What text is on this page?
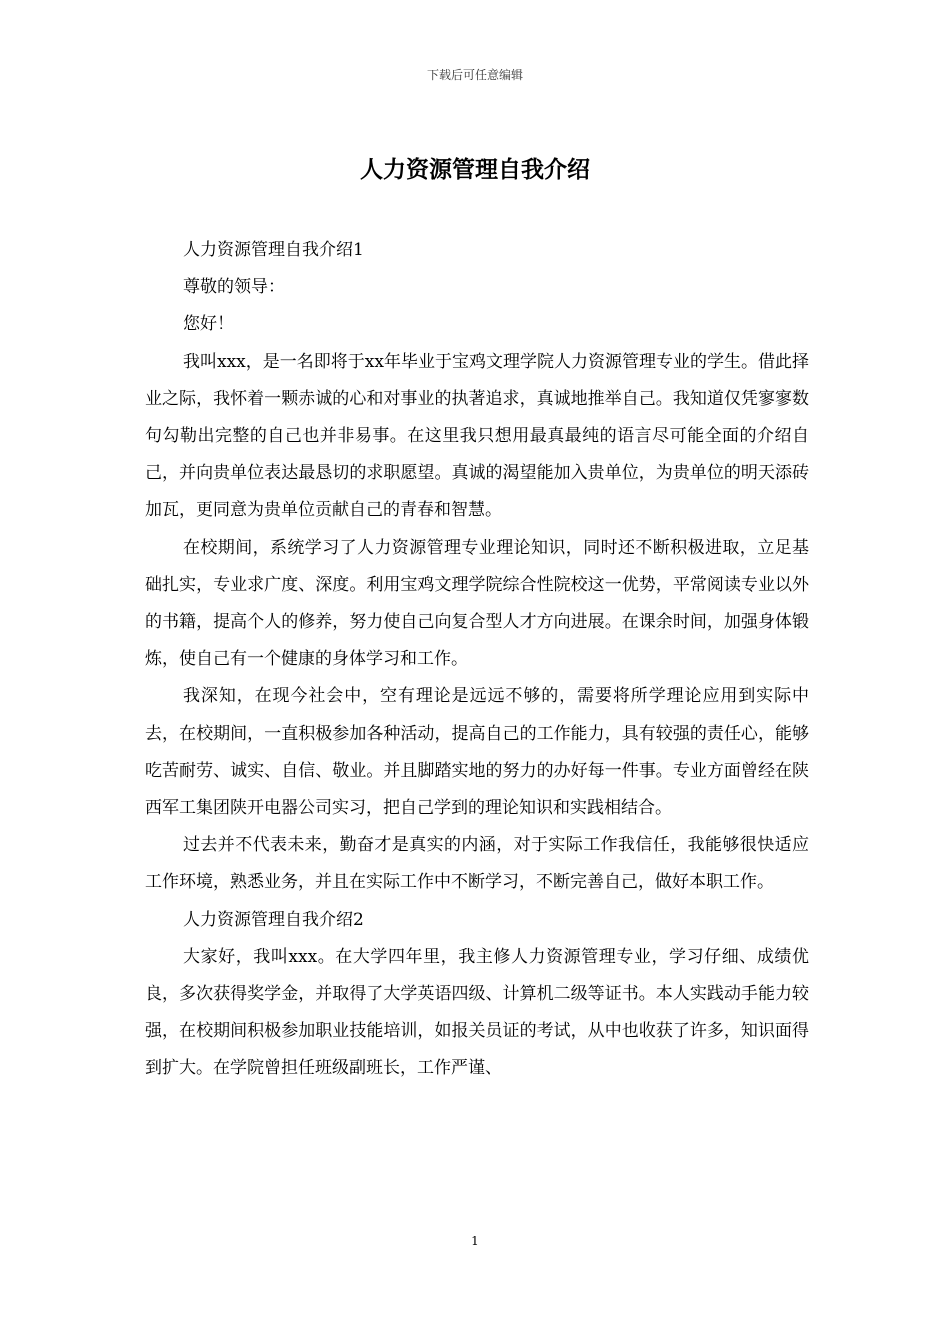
下载后可任意编辑
人力资源管理自我介绍

人力资源管理自我介绍1

尊敬的领导：

您好！

我叫xxx，是一名即将于xx年毕业于宝鸡文理学院人力资源管理专业的学生。借此择业之际，我怀着一颗赤诚的心和对事业的执著追求，真诚地推举自己。我知道仅凭寥寥数句勾勒出完整的自己也并非易事。在这里我只想用最真最纯的语言尽可能全面的介绍自己，并向贵单位表达最恳切的求职愿望。真诚的渴望能加入贵单位，为贵单位的明天添砖加瓦，更同意为贵单位贡献自己的青春和智慧。

在校期间，系统学习了人力资源管理专业理论知识，同时还不断积极进取，立足基础扎实，专业求广度、深度。利用宝鸡文理学院综合性院校这一优势，平常阅读专业以外的书籍，提高个人的修养，努力使自己向复合型人才方向进展。在课余时间，加强身体锻炼，使自己有一个健康的身体学习和工作。

我深知，在现今社会中，空有理论是远远不够的，需要将所学理论应用到实际中去，在校期间，一直积极参加各种活动，提高自己的工作能力，具有较强的责任心，能够吃苦耐劳、诚实、自信、敬业。并且脚踏实地的努力的办好每一件事。专业方面曾经在陕西军工集团陕开电器公司实习，把自己学到的理论知识和实践相结合。

过去并不代表未来，勤奋才是真实的内涵，对于实际工作我信任，我能够很快适应工作环境，熟悉业务，并且在实际工作中不断学习，不断完善自己，做好本职工作。

人力资源管理自我介绍2

大家好，我叫xxx。在大学四年里，我主修人力资源管理专业，学习仔细、成绩优良，多次获得奖学金，并取得了大学英语四级、计算机二级等证书。本人实践动手能力较强，在校期间积极参加职业技能培训，如报关员证的考试，从中也收获了许多，知识面得到扩大。在学院曾担任班级副班长，工作严谨、

1
